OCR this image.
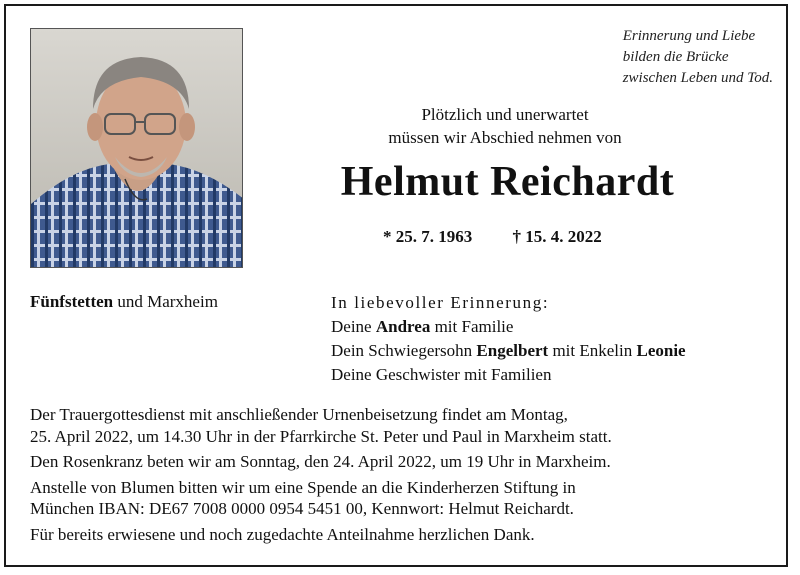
Erinnerung und Liebe
bilden die Brücke
zwischen Leben und Tod.
Plötzlich und unerwartet
müssen wir Abschied nehmen von
Helmut Reichardt
* 25. 7. 1963 † 15. 4. 2022
Fünfstetten und Marxheim	In liebevoller Erinnerung:
Deine Andrea mit Familie
Dein Schwiegersohn Engelbert mit Enkelin Leonie
Deine Geschwister mit Familien

Der Trauergottesdienst mit anschließender Urnenbeisetzung findet am Montag,
25. April 2022, um 14.30 Uhr in der Pfarrkirche St. Peter und Paul in Marxheim statt.

Den Rosenkranz beten wir am Sonntag, den 24. April 2022, um 19 Uhr in Marxheim.

Anstelle von Blumen bitten wir um eine Spende an die Kinderherzen Stiftung in
München IBAN: DE67 7008 0000 0954 5451 00, Kennwort: Helmut Reichardt.

Für bereits erwiesene und noch zugedachte Anteilnahme herzlichen Dank.
